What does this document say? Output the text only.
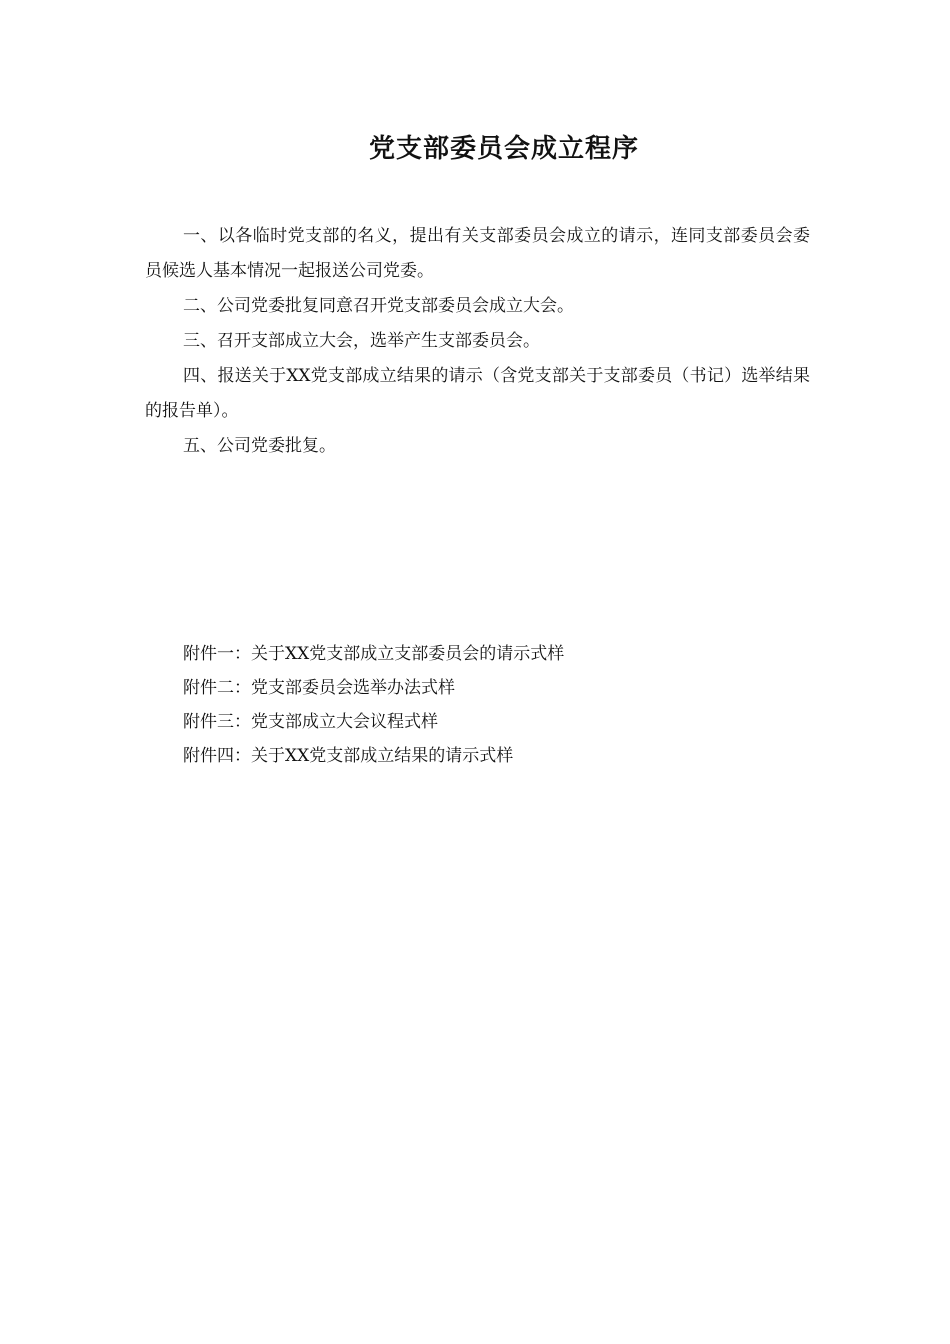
党支部委员会成立程序

一、以各临时党支部的名义，提出有关支部委员会成立的请示，连同支部委员会委员候选人基本情况一起报送公司党委。

二、公司党委批复同意召开党支部委员会成立大会。

三、召开支部成立大会，选举产生支部委员会。

四、报送关于XX党支部成立结果的请示（含党支部关于支部委员（书记）选举结果的报告单）。

五、公司党委批复。

附件一：关于XX党支部成立支部委员会的请示式样

附件二：党支部委员会选举办法式样

附件三：党支部成立大会议程式样

附件四：关于XX党支部成立结果的请示式样
